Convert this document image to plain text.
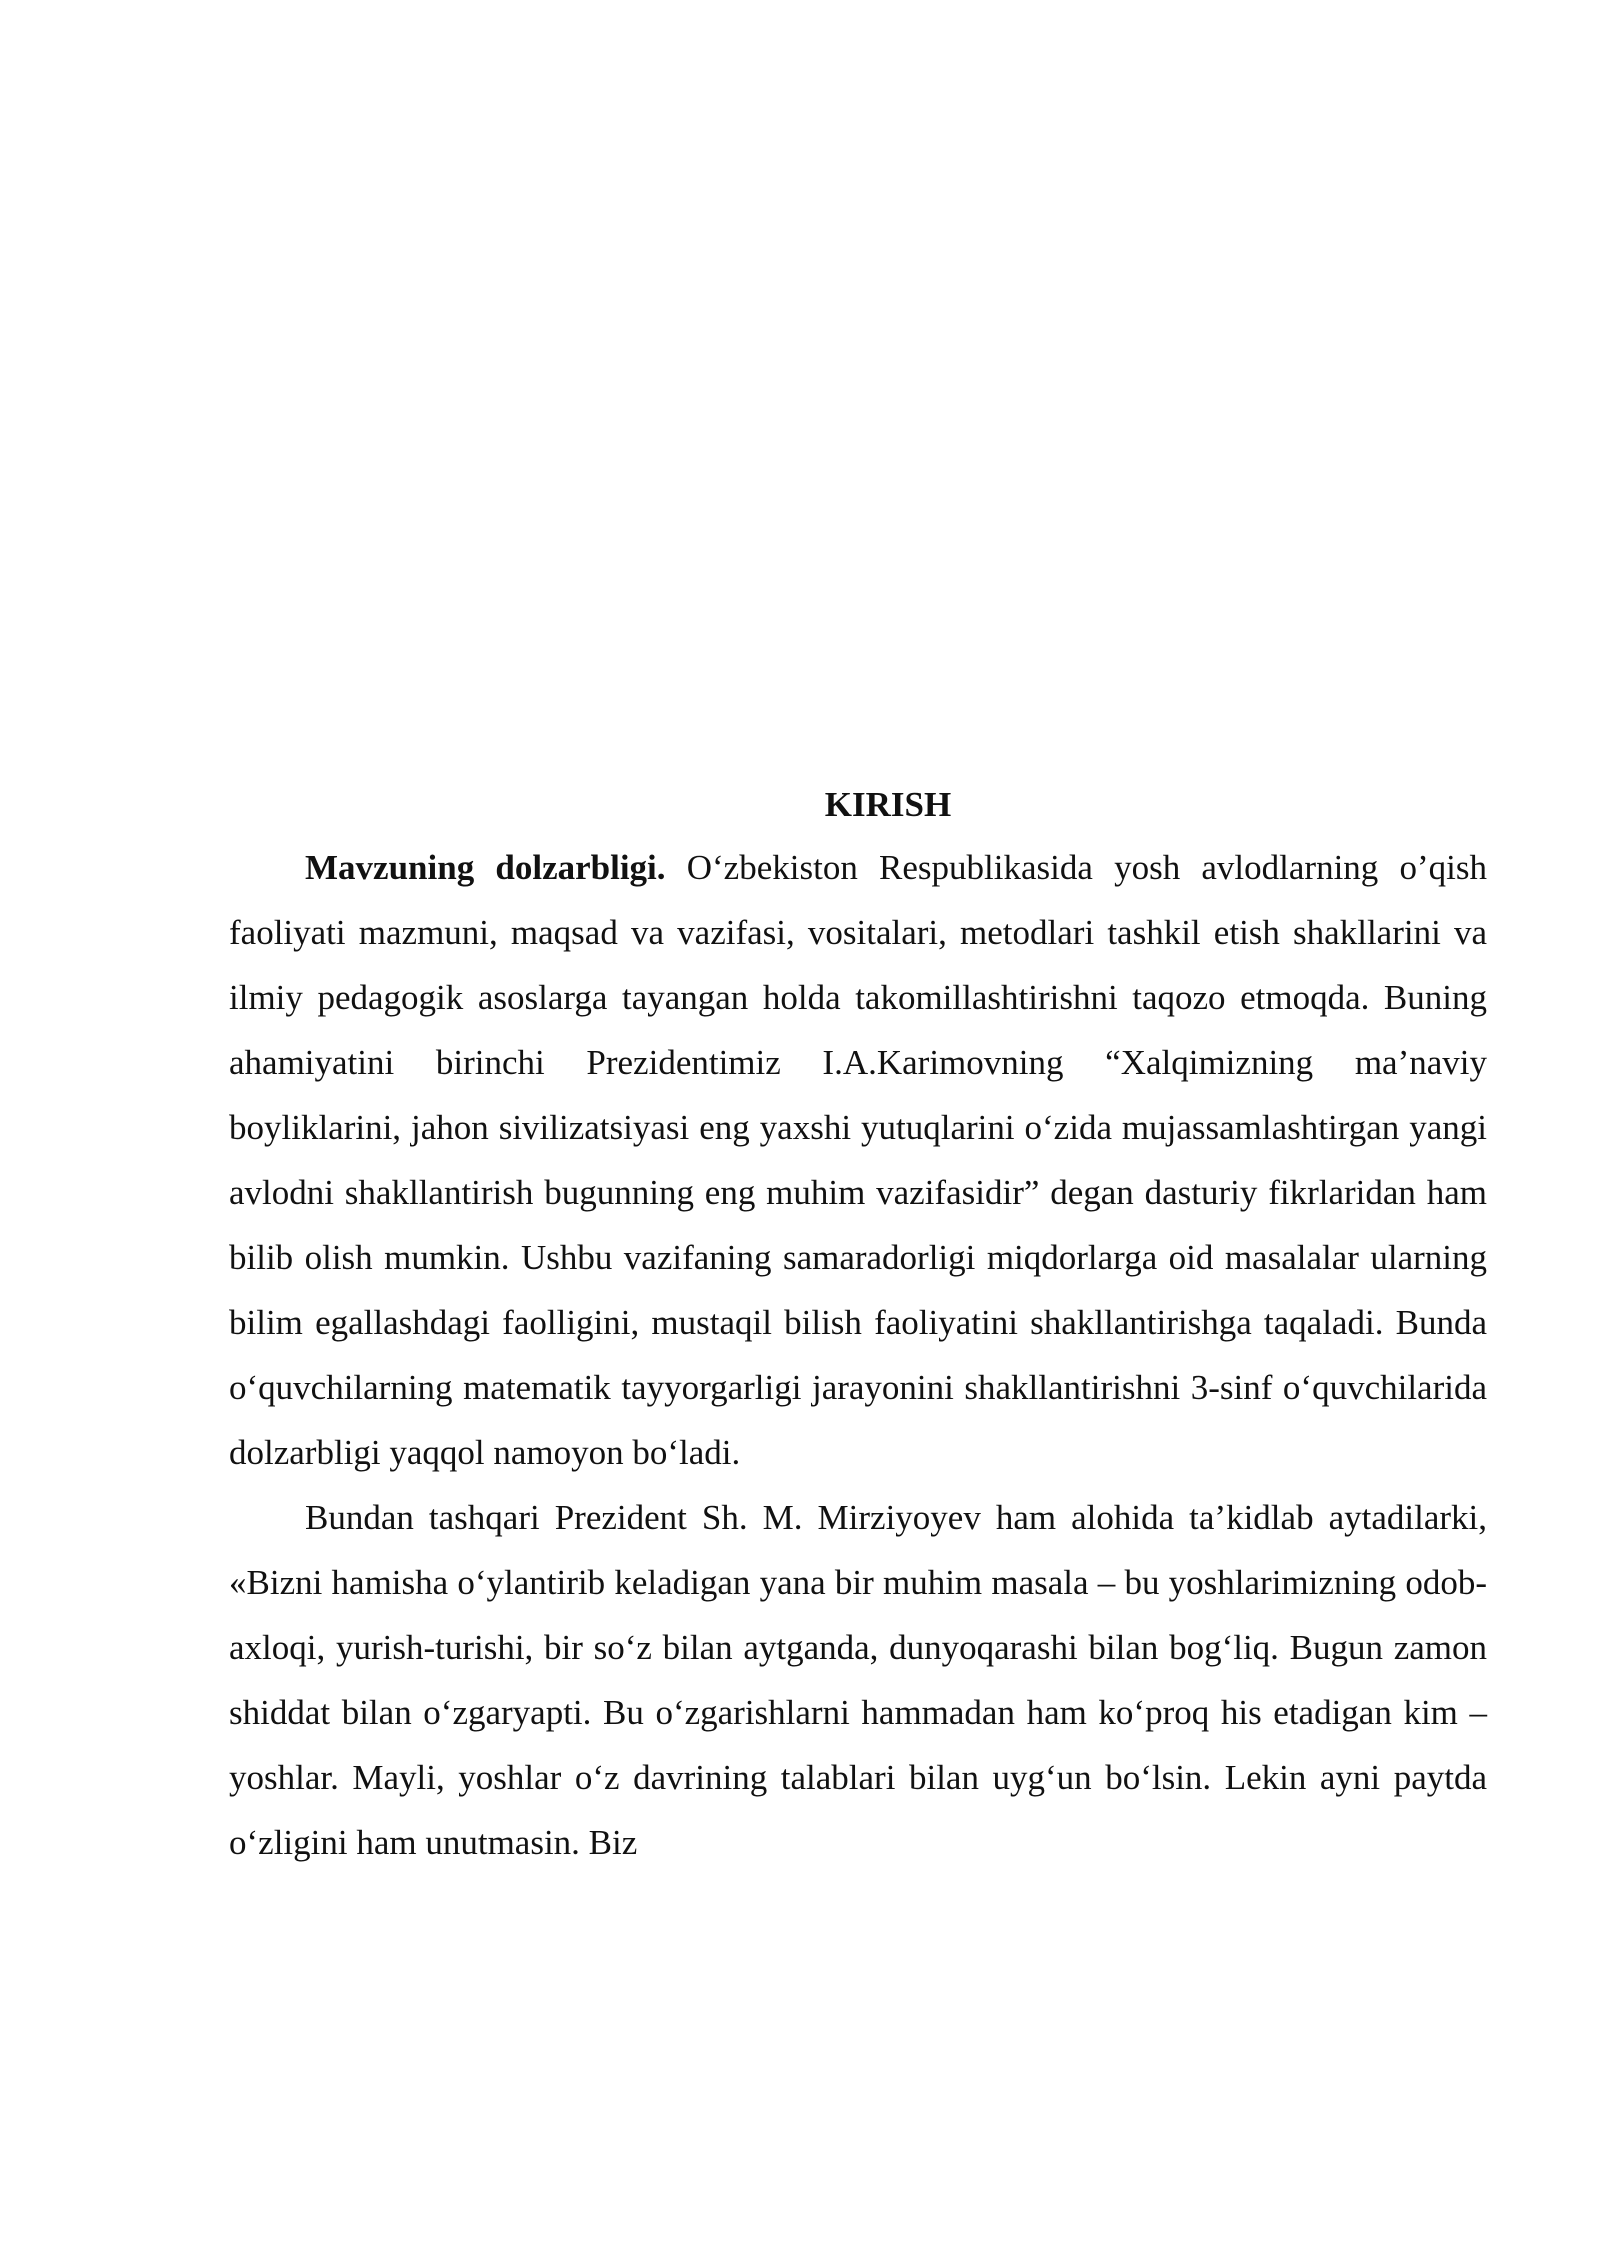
KIRISH

Mavzuning dolzarbligi. O‘zbekiston Respublikasida yosh avlodlarning o’qish faoliyati mazmuni, maqsad va vazifasi, vositalari, metodlari tashkil etish shakllarini va ilmiy pedagogik asoslarga tayangan holda takomillashtirishni taqozo etmoqda. Buning ahamiyatini birinchi Prezidentimiz I.A.Karimovning “Xalqimizning ma’naviy boyliklarini, jahon sivilizatsiyasi eng yaxshi yutuqlarini o‘zida mujassamlashtirgan yangi avlodni shakllantirish bugunning eng muhim vazifasidir” degan dasturiy fikrlaridan ham bilib olish mumkin. Ushbu vazifaning samaradorligi miqdorlarga oid masalalar ularning bilim egallashdagi faolligini, mustaqil bilish faoliyatini shakllantirishga taqaladi. Bunda o‘quvchilarning matematik tayyorgarligi jarayonini shakllantirishni 3-sinf o‘quvchilarida dolzarbligi yaqqol namoyon bo‘ladi.

Bundan tashqari Prezident Sh. M. Mirziyoyev ham alohida ta’kidlab aytadilarki, «Bizni hamisha o‘ylantirib keladigan yana bir muhim masala – bu yoshlarimizning odob-axloqi, yurish-turishi, bir so‘z bilan aytganda, dunyoqarashi bilan bog‘liq. Bugun zamon shiddat bilan o‘zgaryapti. Bu o‘zgarishlarni hammadan ham ko‘proq his etadigan kim – yoshlar. Mayli, yoshlar o‘z davrining talablari bilan uyg‘un bo‘lsin. Lekin ayni paytda o‘zligini ham unutmasin. Biz
